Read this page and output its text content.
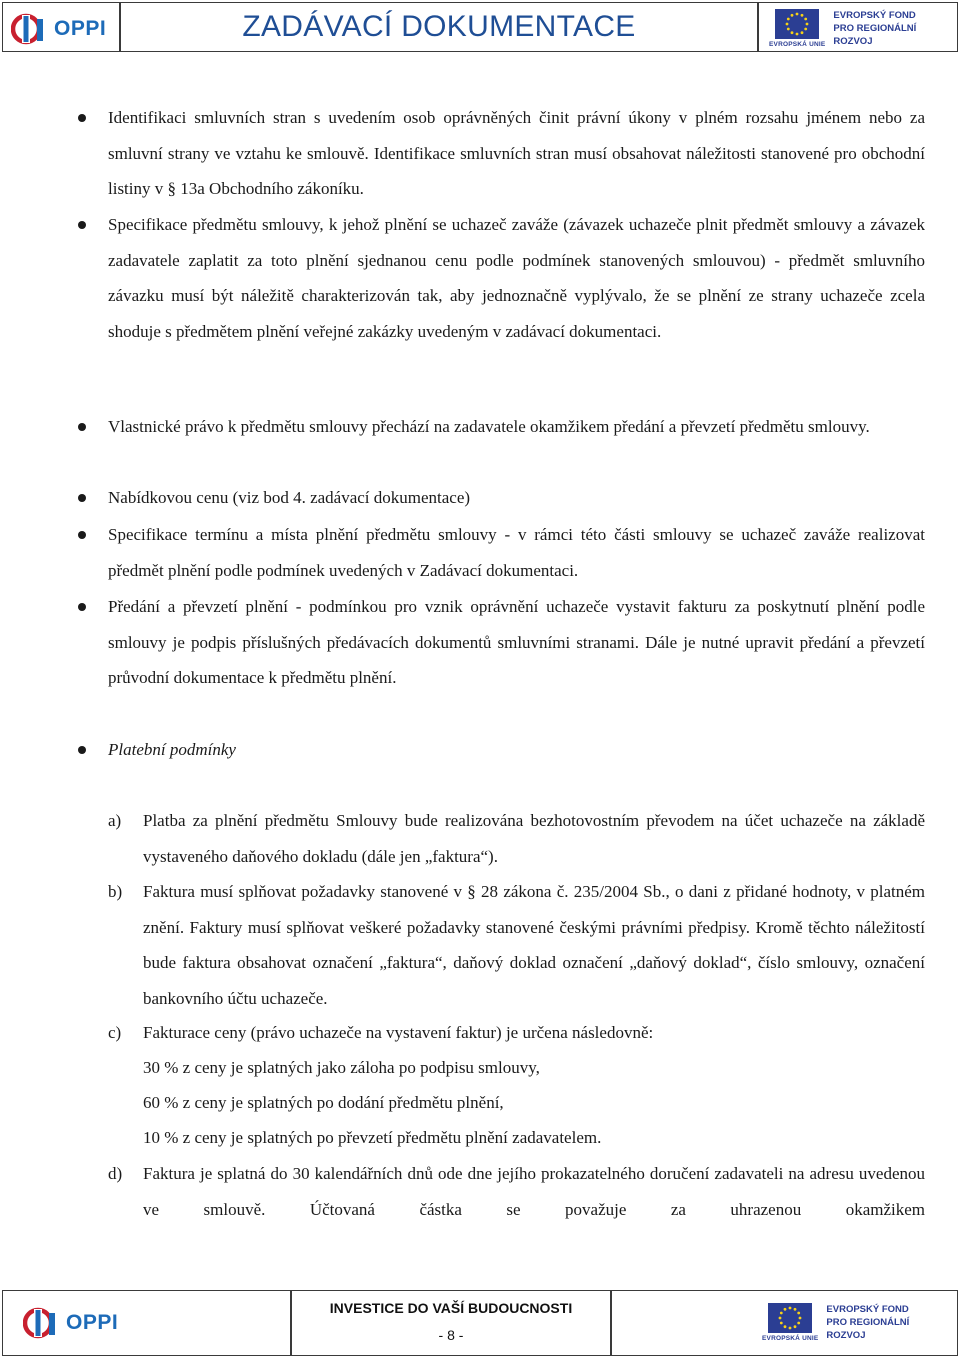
OPPI	ZADÁVACÍ DOKUMENTACE
EVROPSKÁ UNIE
EVROPSKÝ FOND
PRO REGIONÁLNÍ
ROZVOJ

Identifikaci smluvních stran s uvedením osob oprávněných činit právní úkony v plném rozsahu jménem nebo za smluvní strany ve vztahu ke smlouvě. Identifikace smluvních stran musí obsahovat náležitosti stanovené pro obchodní listiny v § 13a Obchodního zákoníku.

Specifikace předmětu smlouvy, k jehož plnění se uchazeč zaváže (závazek uchazeče plnit předmět smlouvy a závazek zadavatele zaplatit za toto plnění sjednanou cenu podle podmínek stanovených smlouvou) - předmět smluvního závazku musí být náležitě charakterizován tak, aby jednoznačně vyplývalo, že se plnění ze strany uchazeče zcela shoduje s předmětem plnění veřejné zakázky uvedeným v zadávací dokumentaci.

Vlastnické právo k předmětu smlouvy přechází na zadavatele okamžikem předání a převzetí předmětu smlouvy.

Nabídkovou cenu (viz bod 4. zadávací dokumentace)

Specifikace termínu a místa plnění předmětu smlouvy - v rámci této části smlouvy se uchazeč zaváže realizovat předmět plnění podle podmínek uvedených v Zadávací dokumentaci.

Předání a převzetí plnění - podmínkou pro vznik oprávnění uchazeče vystavit fakturu za poskytnutí plnění podle smlouvy je podpis příslušných předávacích dokumentů smluvními stranami. Dále je nutné upravit předání a převzetí průvodní dokumentace k předmětu plnění.

Platební podmínky

a) Platba za plnění předmětu Smlouvy bude realizována bezhotovostním převodem na účet uchazeče na základě vystaveného daňového dokladu (dále jen „faktura“).

b) Faktura musí splňovat požadavky stanovené v § 28 zákona č. 235/2004 Sb., o dani z přidané hodnoty, v platném znění. Faktury musí splňovat veškeré požadavky stanovené českými právními předpisy. Kromě těchto náležitostí bude faktura obsahovat označení „faktura“, daňový doklad označení „daňový doklad“, číslo smlouvy, označení bankovního účtu uchazeče.

c) Fakturace ceny (právo uchazeče na vystavení faktur) je určena následovně:

30 % z ceny je splatných jako záloha po podpisu smlouvy,
60 % z ceny je splatných po dodání předmětu plnění,
10 % z ceny je splatných po převzetí předmětu plnění zadavatelem.
d) Faktura je splatná do 30 kalendářních dnů ode dne jejího prokazatelného doručení zadavateli na adresu uvedenou ve smlouvě. Účtovaná částka se považuje za uhrazenou okamžikem

OPPI
INVESTICE DO VAŠÍ BUDOUCNOSTI
- 8 -	EVROPSKÁ UNIE
EVROPSKÝ FOND
PRO REGIONÁLNÍ
ROZVOJ
